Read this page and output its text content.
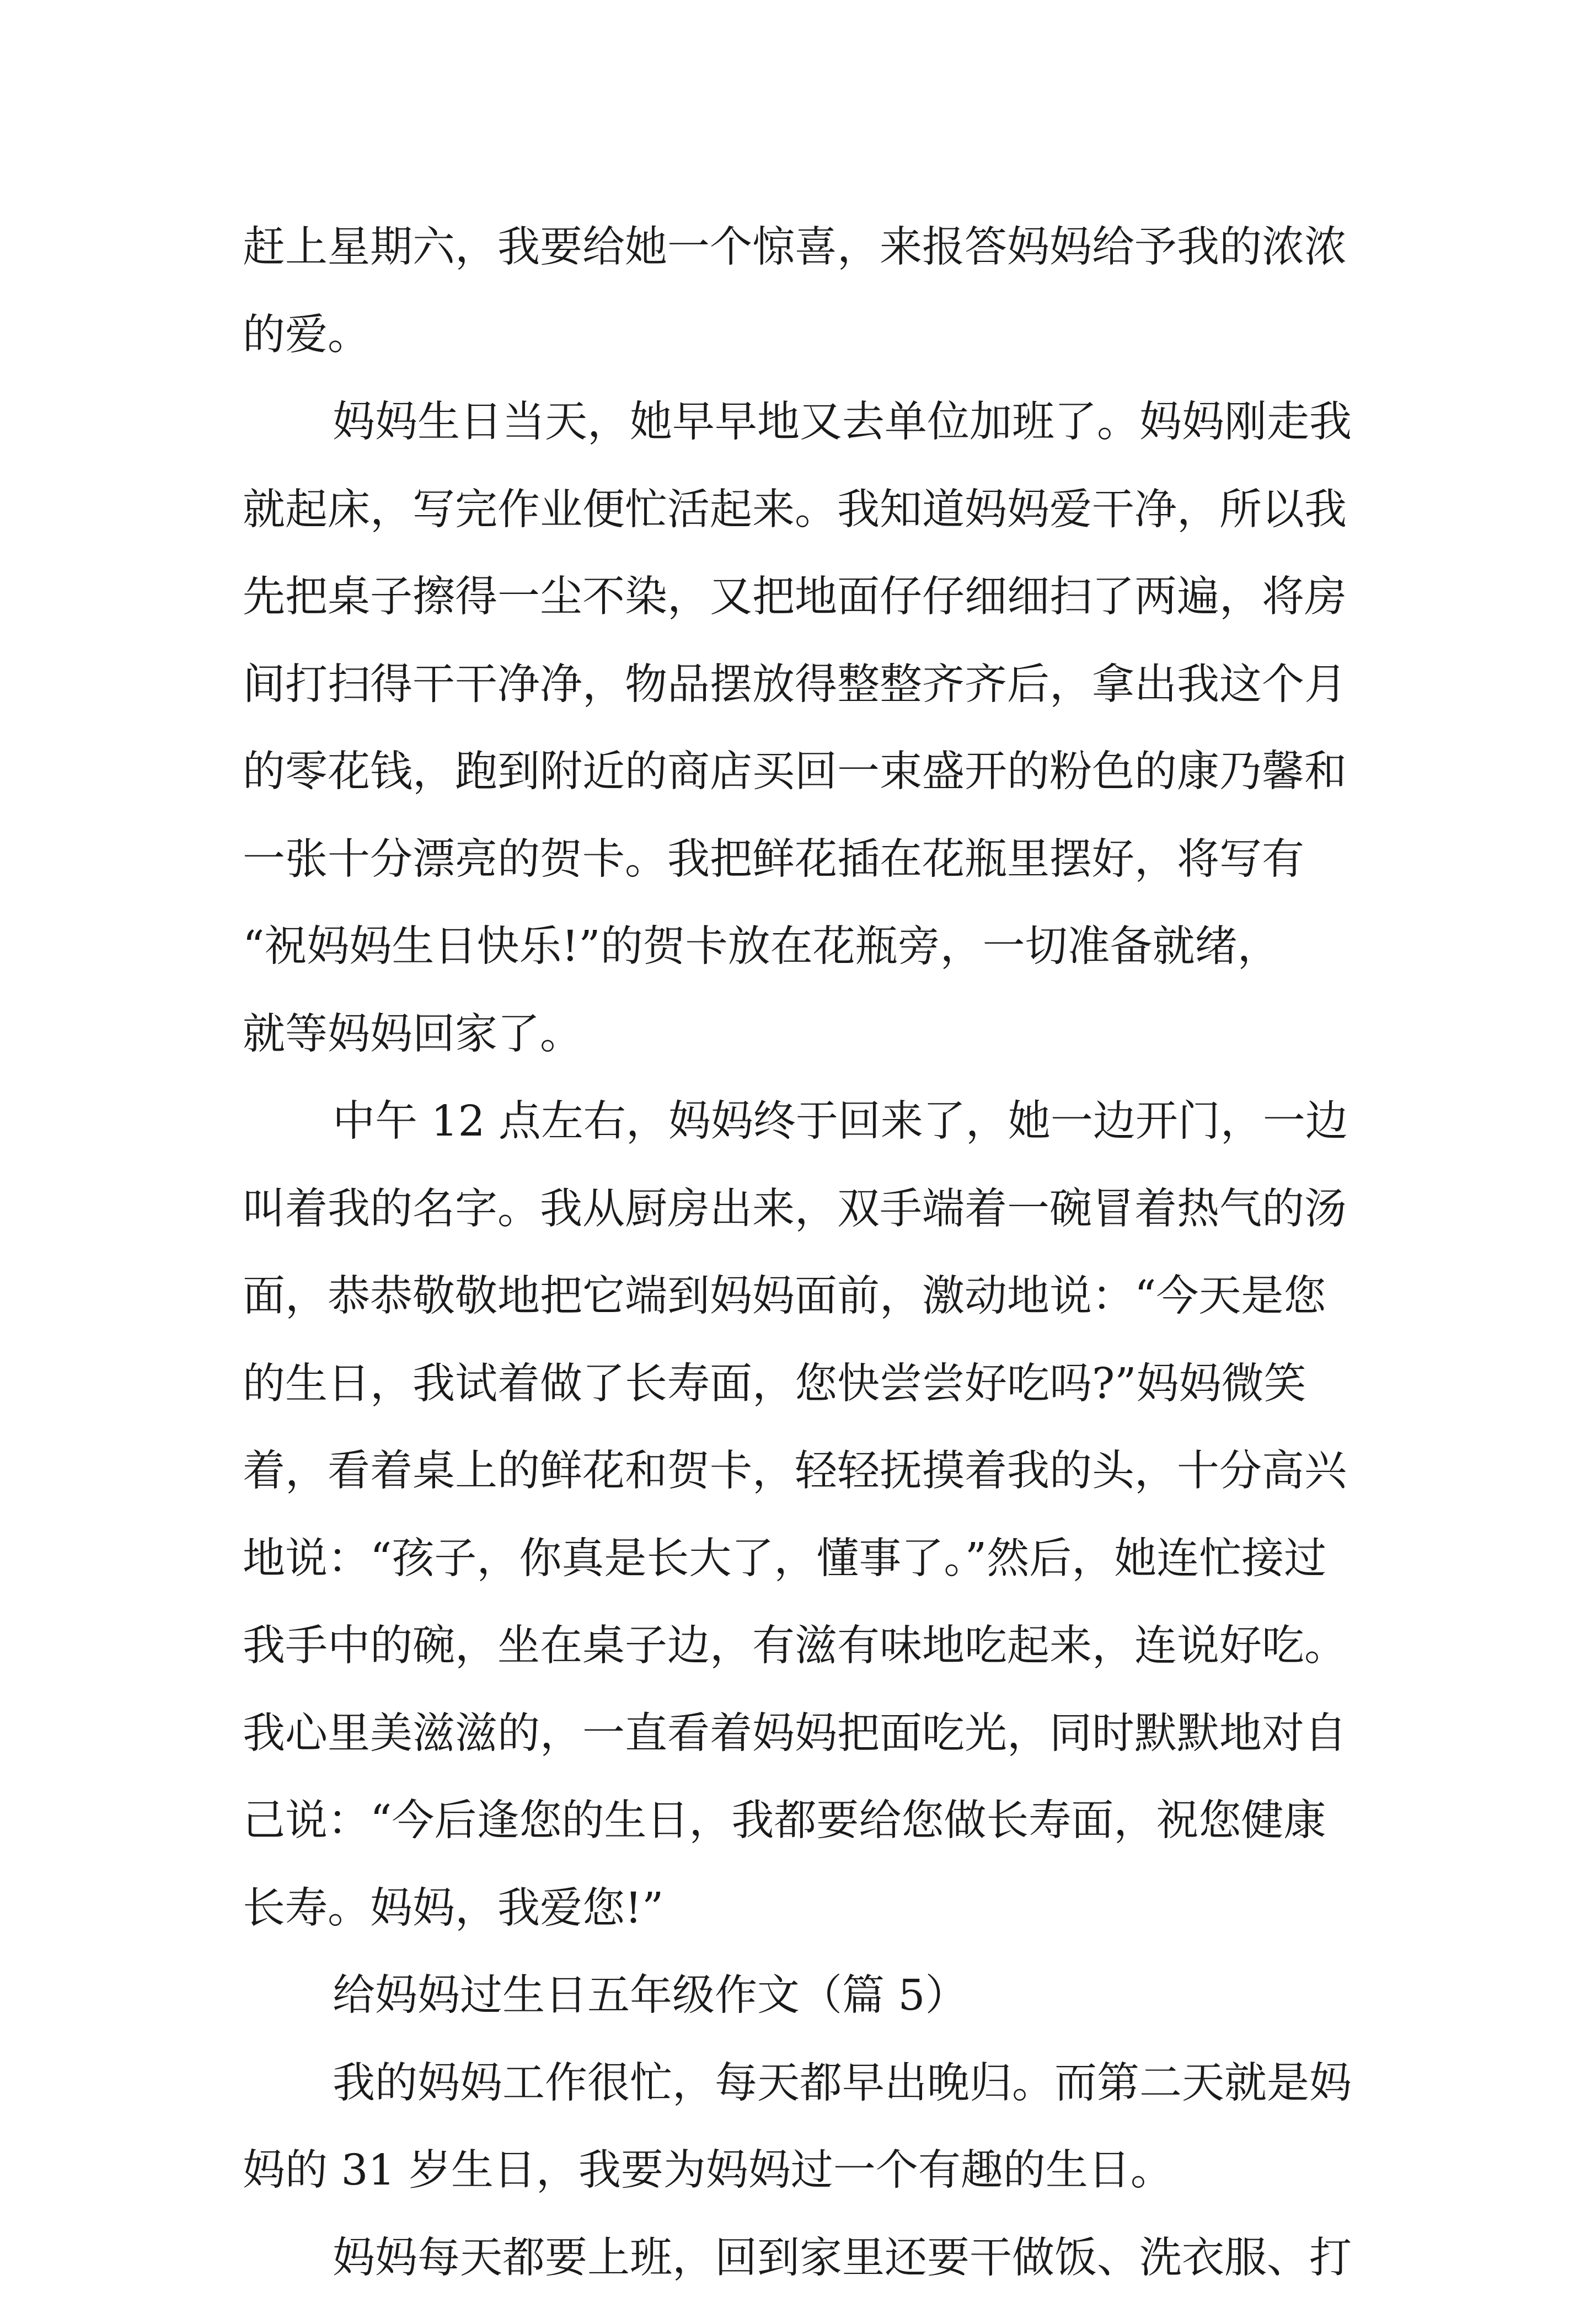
赶上星期六，我要给她一个惊喜，来报答妈妈给予我的浓浓
的爱。
妈妈生日当天，她早早地又去单位加班了。妈妈刚走我
就起床，写完作业便忙活起来。我知道妈妈爱干净，所以我
先把桌子擦得一尘不染，又把地面仔仔细细扫了两遍，将房
间打扫得干干净净，物品摆放得整整齐齐后，拿出我这个月
的零花钱，跑到附近的商店买回一束盛开的粉色的康乃馨和
一张十分漂亮的贺卡。我把鲜花插在花瓶里摆好，将写有
“祝妈妈生日快乐!”的贺卡放在花瓶旁，一切准备就绪，
就等妈妈回家了。
中午 12 点左右，妈妈终于回来了，她一边开门，一边
叫着我的名字。我从厨房出来，双手端着一碗冒着热气的汤
面，恭恭敬敬地把它端到妈妈面前，激动地说：“今天是您
的生日，我试着做了长寿面，您快尝尝好吃吗?”妈妈微笑
着，看着桌上的鲜花和贺卡，轻轻抚摸着我的头，十分高兴
地说：“孩子，你真是长大了，懂事了。”然后，她连忙接过
我手中的碗，坐在桌子边，有滋有味地吃起来，连说好吃。
我心里美滋滋的，一直看着妈妈把面吃光，同时默默地对自
己说：“今后逢您的生日，我都要给您做长寿面，祝您健康
长寿。妈妈，我爱您!”
给妈妈过生日五年级作文（篇 5）
我的妈妈工作很忙，每天都早出晚归。而第二天就是妈
妈的 31 岁生日，我要为妈妈过一个有趣的生日。
妈妈每天都要上班，回到家里还要干做饭、洗衣服、打
